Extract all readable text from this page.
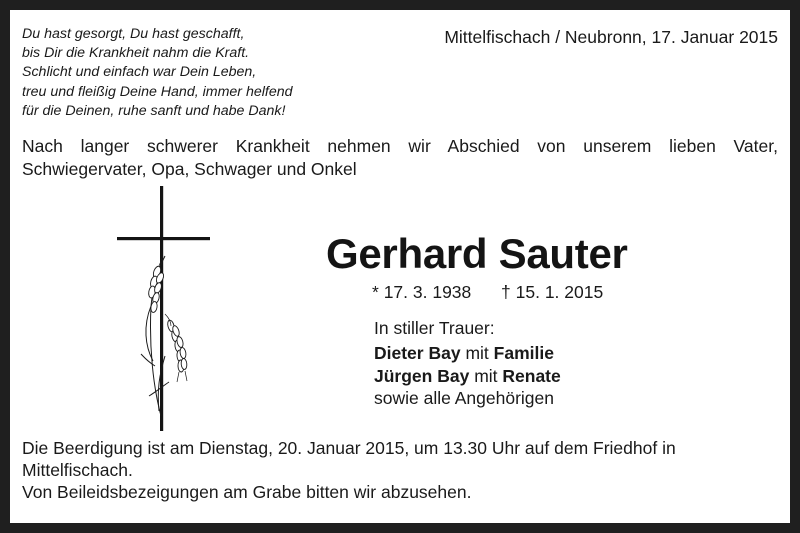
Du hast gesorgt, Du hast geschafft,
bis Dir die Krankheit nahm die Kraft.
Schlicht und einfach war Dein Leben,
treu und fleißig Deine Hand, immer helfend
für die Deinen, ruhe sanft und habe Dank!
Mittelfischach / Neubronn, 17. Januar 2015
Nach langer schwerer Krankheit nehmen wir Abschied von unserem lieben Vater, Schwiegervater, Opa, Schwager und Onkel
Gerhard Sauter
* 17. 3. 1938 † 15. 1. 2015
In stiller Trauer:
Dieter Bay mit Familie
Jürgen Bay mit Renate
sowie alle Angehörigen
Die Beerdigung ist am Dienstag, 20. Januar 2015, um 13.30 Uhr auf dem Friedhof in Mittelfischach.
Von Beileidsbezeigungen am Grabe bitten wir abzusehen.
